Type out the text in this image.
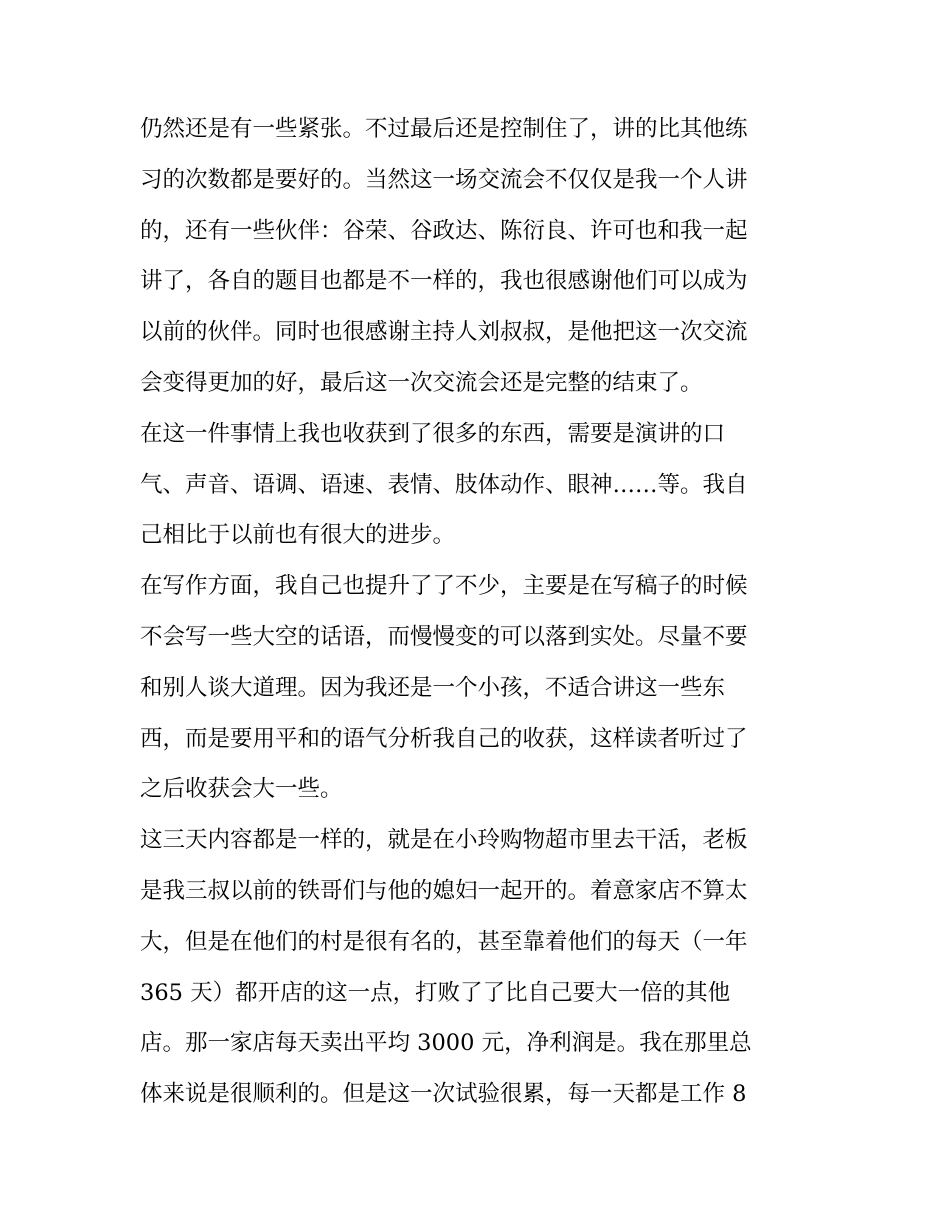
仍然还是有一些紧张。不过最后还是控制住了，讲的比其他练
习的次数都是要好的。当然这一场交流会不仅仅是我一个人讲
的，还有一些伙伴：谷荣、谷政达、陈衍良、许可也和我一起
讲了，各自的题目也都是不一样的，我也很感谢他们可以成为
以前的伙伴。同时也很感谢主持人刘叔叔，是他把这一次交流
会变得更加的好，最后这一次交流会还是完整的结束了。
在这一件事情上我也收获到了很多的东西，需要是演讲的口
气、声音、语调、语速、表情、肢体动作、眼神……等。我自
己相比于以前也有很大的进步。
在写作方面，我自己也提升了了不少，主要是在写稿子的时候
不会写一些大空的话语，而慢慢变的可以落到实处。尽量不要
和别人谈大道理。因为我还是一个小孩，不适合讲这一些东
西，而是要用平和的语气分析我自己的收获，这样读者听过了
之后收获会大一些。
这三天内容都是一样的，就是在小玲购物超市里去干活，老板
是我三叔以前的铁哥们与他的媳妇一起开的。着意家店不算太
大，但是在他们的村是很有名的，甚至靠着他们的每天（一年
365 天）都开店的这一点，打败了了比自己要大一倍的其他
店。那一家店每天卖出平均 3000 元，净利润是。我在那里总
体来说是很顺利的。但是这一次试验很累，每一天都是工作 8
